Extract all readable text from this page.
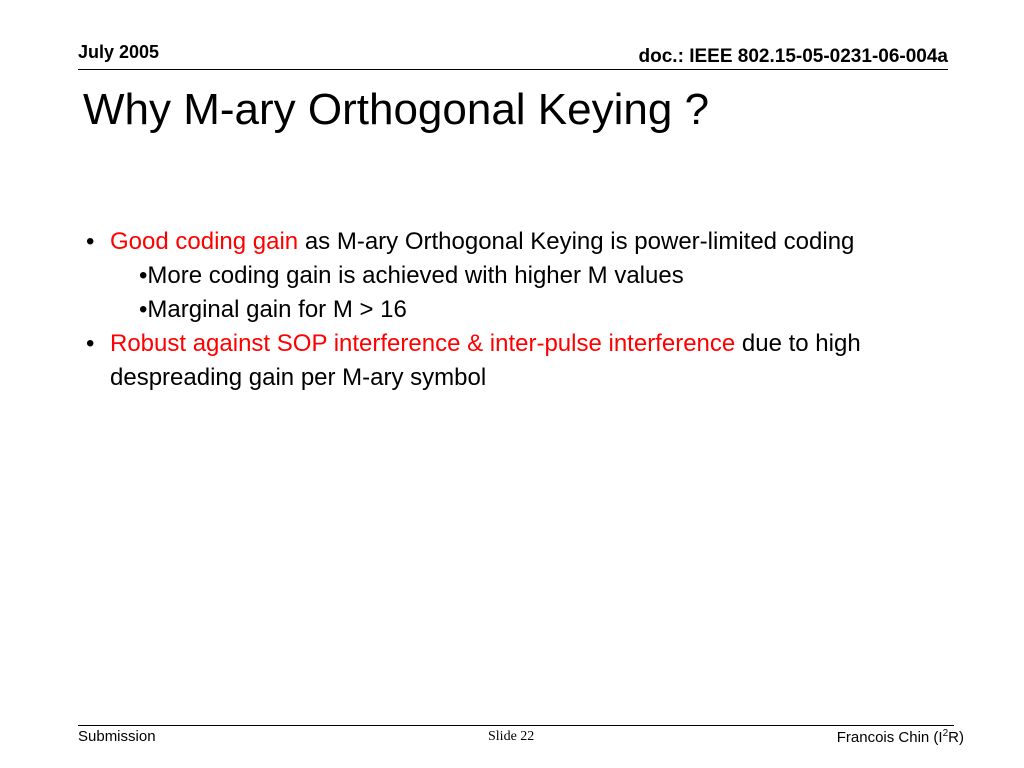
July 2005	doc.: IEEE 802.15-05-0231-06-004a
Why M-ary Orthogonal Keying ?

• Good coding gain as M-ary Orthogonal Keying is power-limited coding

•More coding gain is achieved with higher M values

•Marginal gain for M > 16

• Robust against SOP interference & inter-pulse interference due to high despreading gain per M-ary symbol

Submission	Slide 22	Francois Chin $(I^2R)$
